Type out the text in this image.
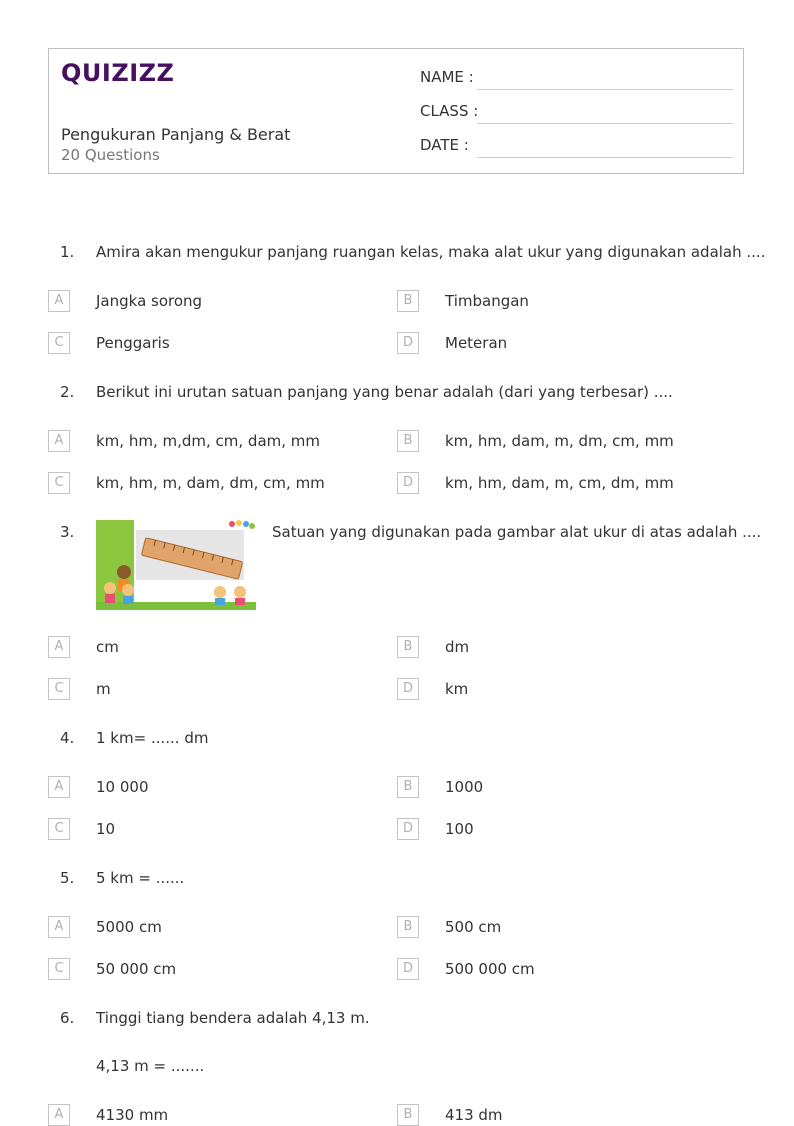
QUIZIZZ
Pengukuran Panjang & Berat
20 Questions
NAME :
CLASS :
DATE :
1. Amira akan mengukur panjang ruangan kelas, maka alat ukur yang digunakan adalah ....
A	Jangka sorong	B	Timbangan
C	Penggaris	D	Meteran
2. Berikut ini urutan satuan panjang yang benar adalah (dari yang terbesar) ....
A	km, hm, m,dm, cm, dam, mm	B	km, hm, dam, m, dm, cm, mm
C	km, hm, m, dam, dm, cm, mm	D	km, hm, dam, m, cm, dm, mm
3.	Satuan yang digunakan pada gambar alat ukur di atas adalah ....
A	cm	B	dm
C	m	D	km
4. 1 km= ...... dm
A	10 000	B	1000
C	10	D	100
5. 5 km = ......
A	5000 cm	B	500 cm
C	50 000 cm	D	500 000 cm
6. Tinggi tiang bendera adalah 4,13 m.
4,13 m = .......
A	4130 mm	B	413 dm
